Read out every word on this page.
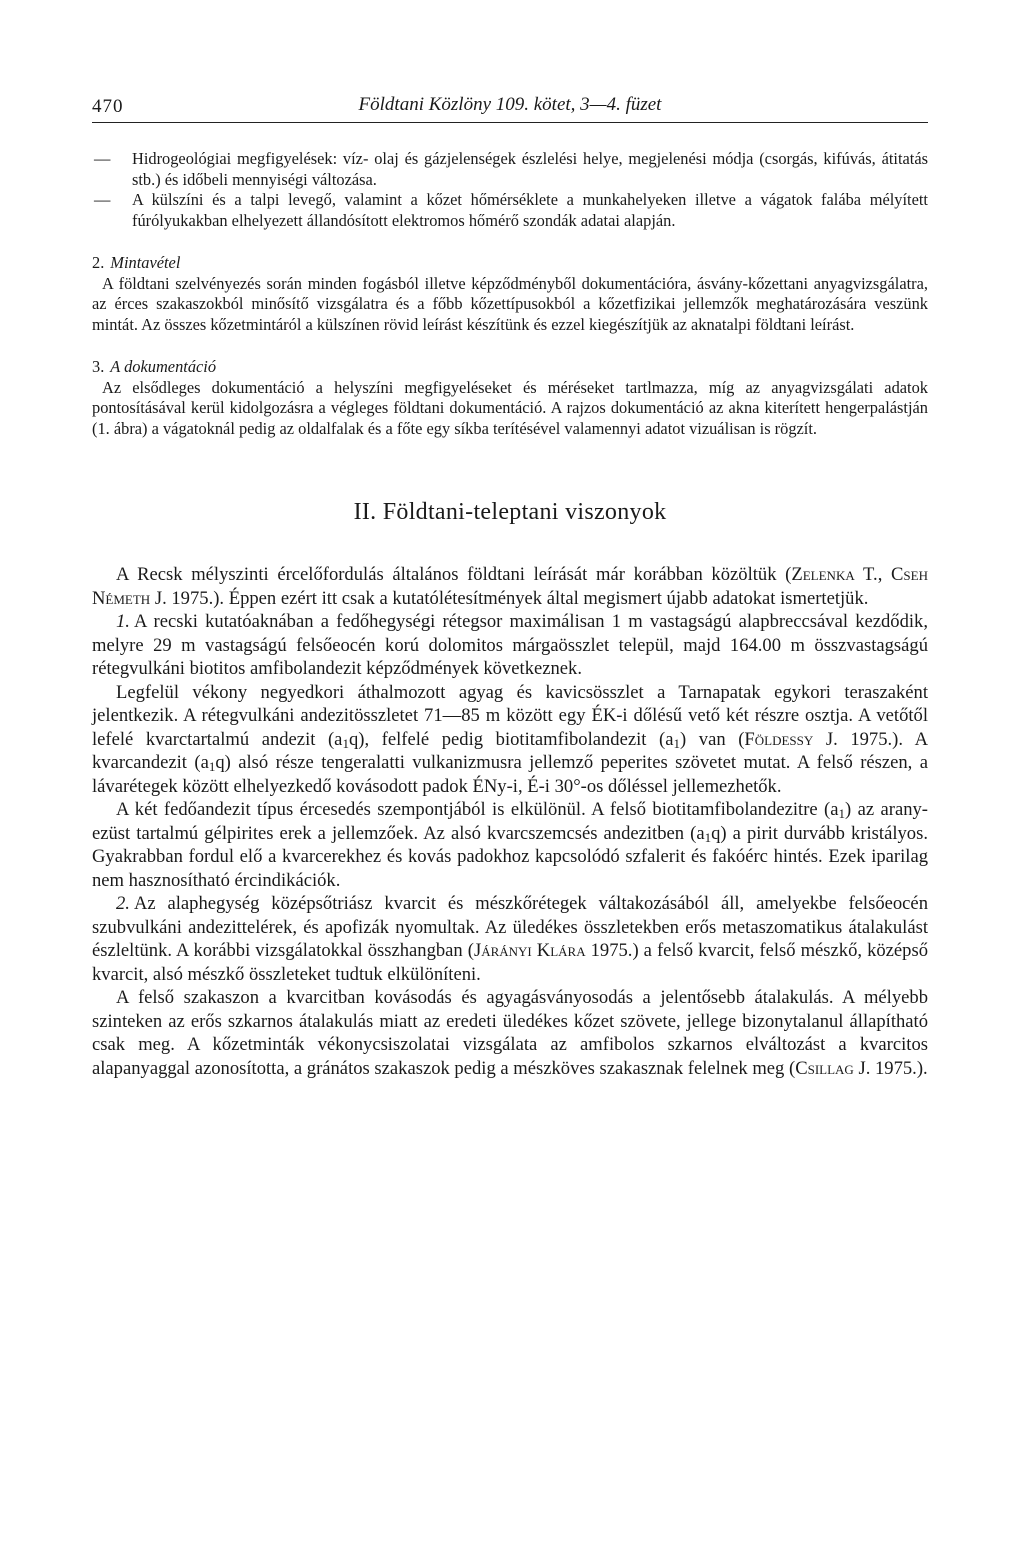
470	Földtani Közlöny 109. kötet, 3—4. füzet

— Hidrogeológiai megfigyelések: víz- olaj és gázjelenségek észlelési helye, megjelenési módja (csorgás, kifúvás, átitatás stb.) és időbeli mennyiségi változása.

— A külszíni és a talpi levegő, valamint a kőzet hőmérséklete a munkahelyeken illetve a vágatok falába mélyített fúrólyukakban elhelyezett állandósított elektromos hőmérő szondák adatai alapján.

2. Mintavétel

A földtani szelvényezés során minden fogásból illetve képződményből dokumentációra, ásvány-kőzettani anyagvizsgálatra, az érces szakaszokból minősítő vizsgálatra és a főbb kőzettípusokból a kőzetfizikai jellemzők meghatározására veszünk mintát. Az összes kőzetmintáról a külszínen rövid leírást készítünk és ezzel kiegészítjük az aknatalpi földtani leírást.

3. A dokumentáció

Az elsődleges dokumentáció a helyszíni megfigyeléseket és méréseket tartlmazza, míg az anyagvizsgálati adatok pontosításával kerül kidolgozásra a végleges földtani dokumentáció. A rajzos dokumentáció az akna kiterített hengerpalástján (1. ábra) a vágatoknál pedig az oldalfalak és a főte egy síkba terítésével valamennyi adatot vizuálisan is rögzít.

II. Földtani-teleptani viszonyok

A Recsk mélyszinti ércelőfordulás általános földtani leírását már korábban közöltük (Zelenka T., Cseh Németh J. 1975.). Éppen ezért itt csak a kutatólétesítmények által megismert újabb adatokat ismertetjük.

1. A recski kutatóaknában a fedőhegységi rétegsor maximálisan 1 m vastagságú alapbreccsával kezdődik, melyre 29 m vastagságú felsőeocén korú dolomitos márgaösszlet települ, majd 164.00 m összvastagságú rétegvulkáni biotitos amfibolandezit képződmények következnek.

Legfelül vékony negyedkori áthalmozott agyag és kavicsösszlet a Tarnapatak egykori teraszaként jelentkezik. A rétegvulkáni andezitösszletet 71—85 m között egy ÉK-i dőlésű vető két részre osztja. A vetőtől lefelé kvarctartalmú andezit $(a_1q)$, felfelé pedig biotitamfibolandezit $(a_1)$ van (Földessy J. 1975.). A kvarcandezit $(a_1q)$ alsó része tengeralatti vulkanizmusra jellemző peperites szövetet mutat. A felső részen, a lávarétegek között elhelyezkedő kovásodott padok ÉNy-i, É-i 30°-os dőléssel jellemezhetők.

A két fedőandezit típus ércesedés szempontjából is elkülönül. A felső biotitamfibolandezitre $(a_1)$ az arany-ezüst tartalmú gélpirites erek a jellemzőek. Az alsó kvarcszemcsés andezitben $(a_1q)$ a pirit durvább kristályos. Gyakrabban fordul elő a kvarcerekhez és kovás padokhoz kapcsolódó szfalerit és fakóérc hintés. Ezek iparilag nem hasznosítható ércindikációk.

2. Az alaphegység középsőtriász kvarcit és mészkőrétegek váltakozásából áll, amelyekbe felsőeocén szubvulkáni andezittelérek, és apofizák nyomultak. Az üledékes összletekben erős metaszomatikus átalakulást észleltünk. A korábbi vizsgálatokkal összhangban (Járányi Klára 1975.) a felső kvarcit, felső mészkő, középső kvarcit, alsó mészkő összleteket tudtuk elkülöníteni.

A felső szakaszon a kvarcitban kovásodás és agyagásványosodás a jelentősebb átalakulás. A mélyebb szinteken az erős szkarnos átalakulás miatt az eredeti üledékes kőzet szövete, jellege bizonytalanul állapítható csak meg. A kőzetminták vékonycsiszolatai vizsgálata az amfibolos szkarnos elváltozást a kvarcitos alapanyaggal azonosította, a gránátos szakaszok pedig a mészköves szakasznak felelnek meg (Csillag J. 1975.).
